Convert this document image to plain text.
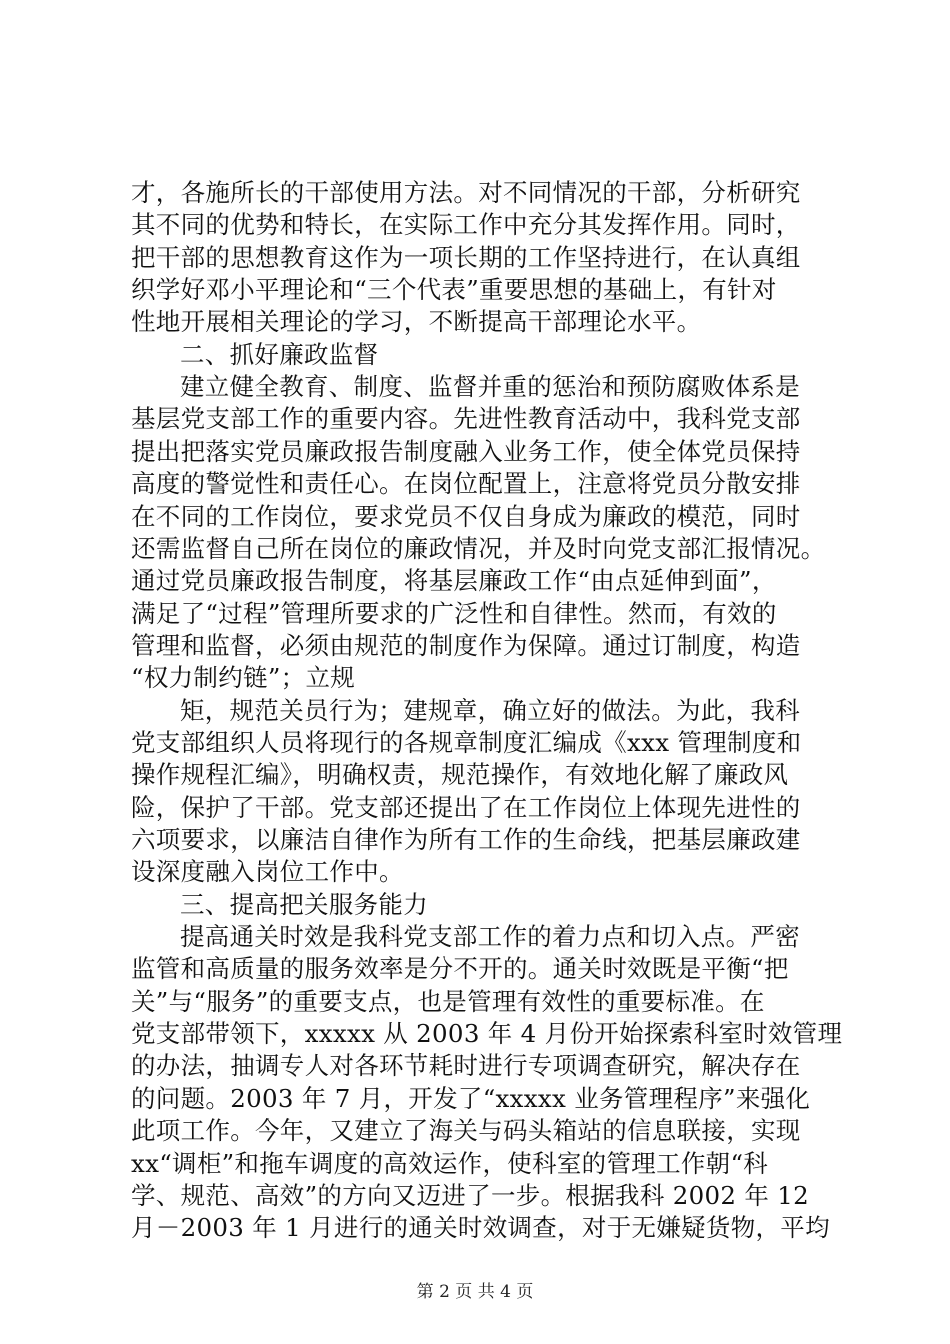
才，各施所长的干部使用方法。对不同情况的干部，分析研究
其不同的优势和特长，在实际工作中充分其发挥作用。同时，
把干部的思想教育这作为一项长期的工作坚持进行，在认真组
织学好邓小平理论和“三个代表”重要思想的基础上，有针对
性地开展相关理论的学习，不断提高干部理论水平。
二、抓好廉政监督
建立健全教育、制度、监督并重的惩治和预防腐败体系是
基层党支部工作的重要内容。先进性教育活动中，我科党支部
提出把落实党员廉政报告制度融入业务工作，使全体党员保持
高度的警觉性和责任心。在岗位配置上，注意将党员分散安排
在不同的工作岗位，要求党员不仅自身成为廉政的模范，同时
还需监督自己所在岗位的廉政情况，并及时向党支部汇报情况。
通过党员廉政报告制度，将基层廉政工作“由点延伸到面”，
满足了“过程”管理所要求的广泛性和自律性。然而，有效的
管理和监督，必须由规范的制度作为保障。通过订制度，构造
“权力制约链”；立规
矩，规范关员行为；建规章，确立好的做法。为此，我科
党支部组织人员将现行的各规章制度汇编成《xxx 管理制度和
操作规程汇编》，明确权责，规范操作，有效地化解了廉政风
险，保护了干部。党支部还提出了在工作岗位上体现先进性的
六项要求，以廉洁自律作为所有工作的生命线，把基层廉政建
设深度融入岗位工作中。
三、提高把关服务能力
提高通关时效是我科党支部工作的着力点和切入点。严密
监管和高质量的服务效率是分不开的。通关时效既是平衡“把
关”与“服务”的重要支点，也是管理有效性的重要标准。在
党支部带领下，xxxxx 从 2003 年 4 月份开始探索科室时效管理
的办法，抽调专人对各环节耗时进行专项调查研究，解决存在
的问题。2003 年 7 月，开发了“xxxxx 业务管理程序”来强化
此项工作。今年，又建立了海关与码头箱站的信息联接，实现
xx“调柜”和拖车调度的高效运作，使科室的管理工作朝“科
学、规范、高效”的方向又迈进了一步。根据我科 2002 年 12
月－2003 年 1 月进行的通关时效调查，对于无嫌疑货物，平均
第 2 页 共 4 页
